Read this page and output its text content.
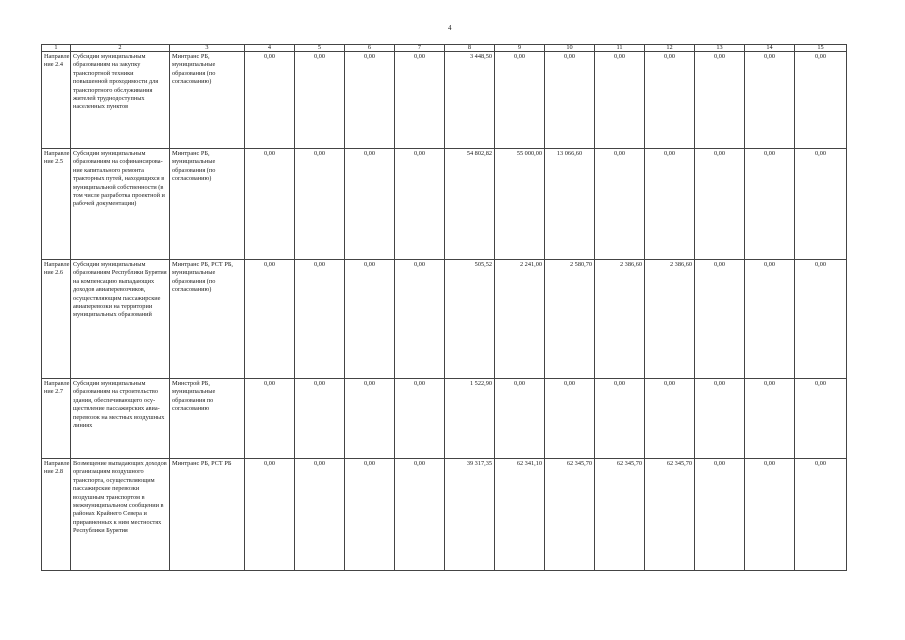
4
1	2	3	4	5	6	7	8	9	10	11	12	13	14	15
Направле ние 2.4	Субсидии муниципальным образованиям на закупку транспортной техники повышенной проходимости для транспортного обслуживания жителей труднодоступных населенных пунктов	Минтранс РБ, муниципальные образования (по согласованию)	0,00	0,00	0,00	0,00	3 448,50	0,00	0,00	0,00	0,00	0,00	0,00	0,00
Направле ние 2.5	Субсидии муниципальным образованиям на софинансирова-ние капитального ремонта тракторных путей, находящихся в муниципальной собственности (в том числе разработка проектной и рабочей документации)	Минтранс РБ, муниципальные образования (по согласованию)	0,00	0,00	0,00	0,00	54 802,82	55 000,00	13 066,60	0,00	0,00	0,00	0,00	0,00
Направле ние 2.6	Субсидии муниципальным образованиям Республики Бурятия на компенсацию выпадающих доходов авиаперевозчиков, осуществляющим пассажирские авиаперевозки на территории муниципальных образований	Минтранс РБ, РСТ РБ, муниципальные образования (по согласованию)	0,00	0,00	0,00	0,00	505,52	2 241,00	2 580,70	2 386,60	2 386,60	0,00	0,00	0,00
Направле ние 2.7	Субсидии муниципальным образованиям на строительство здания, обеспечивающего осу-ществление пассажирских авиа-перевозок на местных воздушных линиях	Минстрой РБ, муниципальные образования по согласованию	0,00	0,00	0,00	0,00	1 522,90	0,00	0,00	0,00	0,00	0,00	0,00	0,00
Направле ние 2.8	Возмещение выпадающих доходов организациям воздушного транспорта, осуществляющим пассажирские перевозки воздушным транспортом в межмуниципальном сообщении в районах Крайнего Севера и приравненных к ним местностях Республики Бурятия	Минтранс РБ, РСТ РБ	0,00	0,00	0,00	0,00	39 317,35	62 341,10	62 345,70	62 345,70	62 345,70	0,00	0,00	0,00
